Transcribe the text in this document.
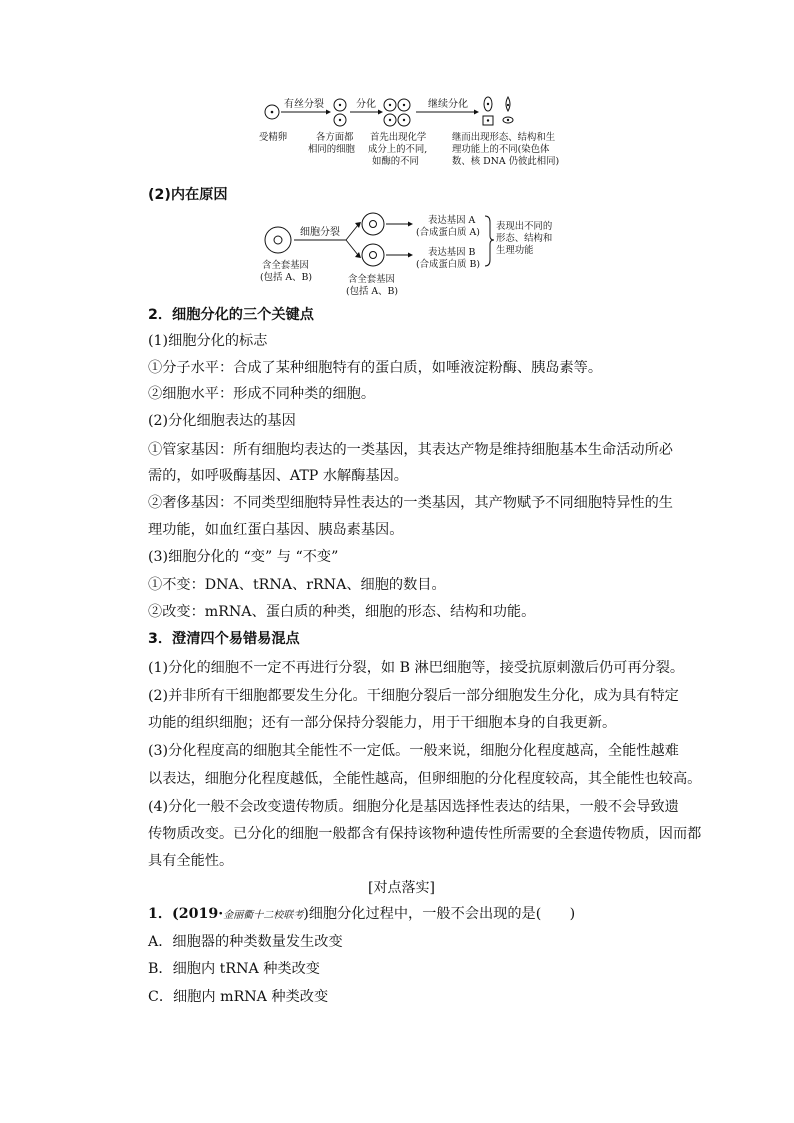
有丝分裂	分化	继续分化
受精卵	各方面都
相同的细胞
首先出现化学
成分上的不同,
如酶的不同
继而出现形态、结构和生
理功能上的不同(染色体
数、核 DNA 仍彼此相同)
(2)内在原因
细胞分裂
表达基因 A
(合成蛋白质 A)
表达基因 B
(合成蛋白质 B)
表现出不同的
形态、结构和
生理功能
含全套基因
(包括 A、B)	含全套基因
(包括 A、B)
2．细胞分化的三个关键点
(1)细胞分化的标志
①分子水平：合成了某种细胞特有的蛋白质，如唾液淀粉酶、胰岛素等。
②细胞水平：形成不同种类的细胞。
(2)分化细胞表达的基因
①管家基因：所有细胞均表达的一类基因，其表达产物是维持细胞基本生命活动所必
需的，如呼吸酶基因、ATP 水解酶基因。
②奢侈基因：不同类型细胞特异性表达的一类基因，其产物赋予不同细胞特异性的生
理功能，如血红蛋白基因、胰岛素基因。
(3)细胞分化的 “变” 与 “不变”
①不变：DNA、tRNA、rRNA、细胞的数目。
②改变：mRNA、蛋白质的种类，细胞的形态、结构和功能。
3．澄清四个易错易混点
(1)分化的细胞不一定不再进行分裂，如 B 淋巴细胞等，接受抗原刺激后仍可再分裂。
(2)并非所有干细胞都要发生分化。干细胞分裂后一部分细胞发生分化，成为具有特定
功能的组织细胞；还有一部分保持分裂能力，用于干细胞本身的自我更新。
(3)分化程度高的细胞其全能性不一定低。一般来说，细胞分化程度越高，全能性越难
以表达，细胞分化程度越低，全能性越高，但卵细胞的分化程度较高，其全能性也较高。
(4)分化一般不会改变遗传物质。细胞分化是基因选择性表达的结果，一般不会导致遗
传物质改变。已分化的细胞一般都含有保持该物种遗传性所需要的全套遗传物质，因而都
具有全能性。
[对点落实]
1．(2019·金丽衢十二校联考)细胞分化过程中，一般不会出现的是(　　)
A．细胞器的种类数量发生改变
B．细胞内 tRNA 种类改变
C．细胞内 mRNA 种类改变
